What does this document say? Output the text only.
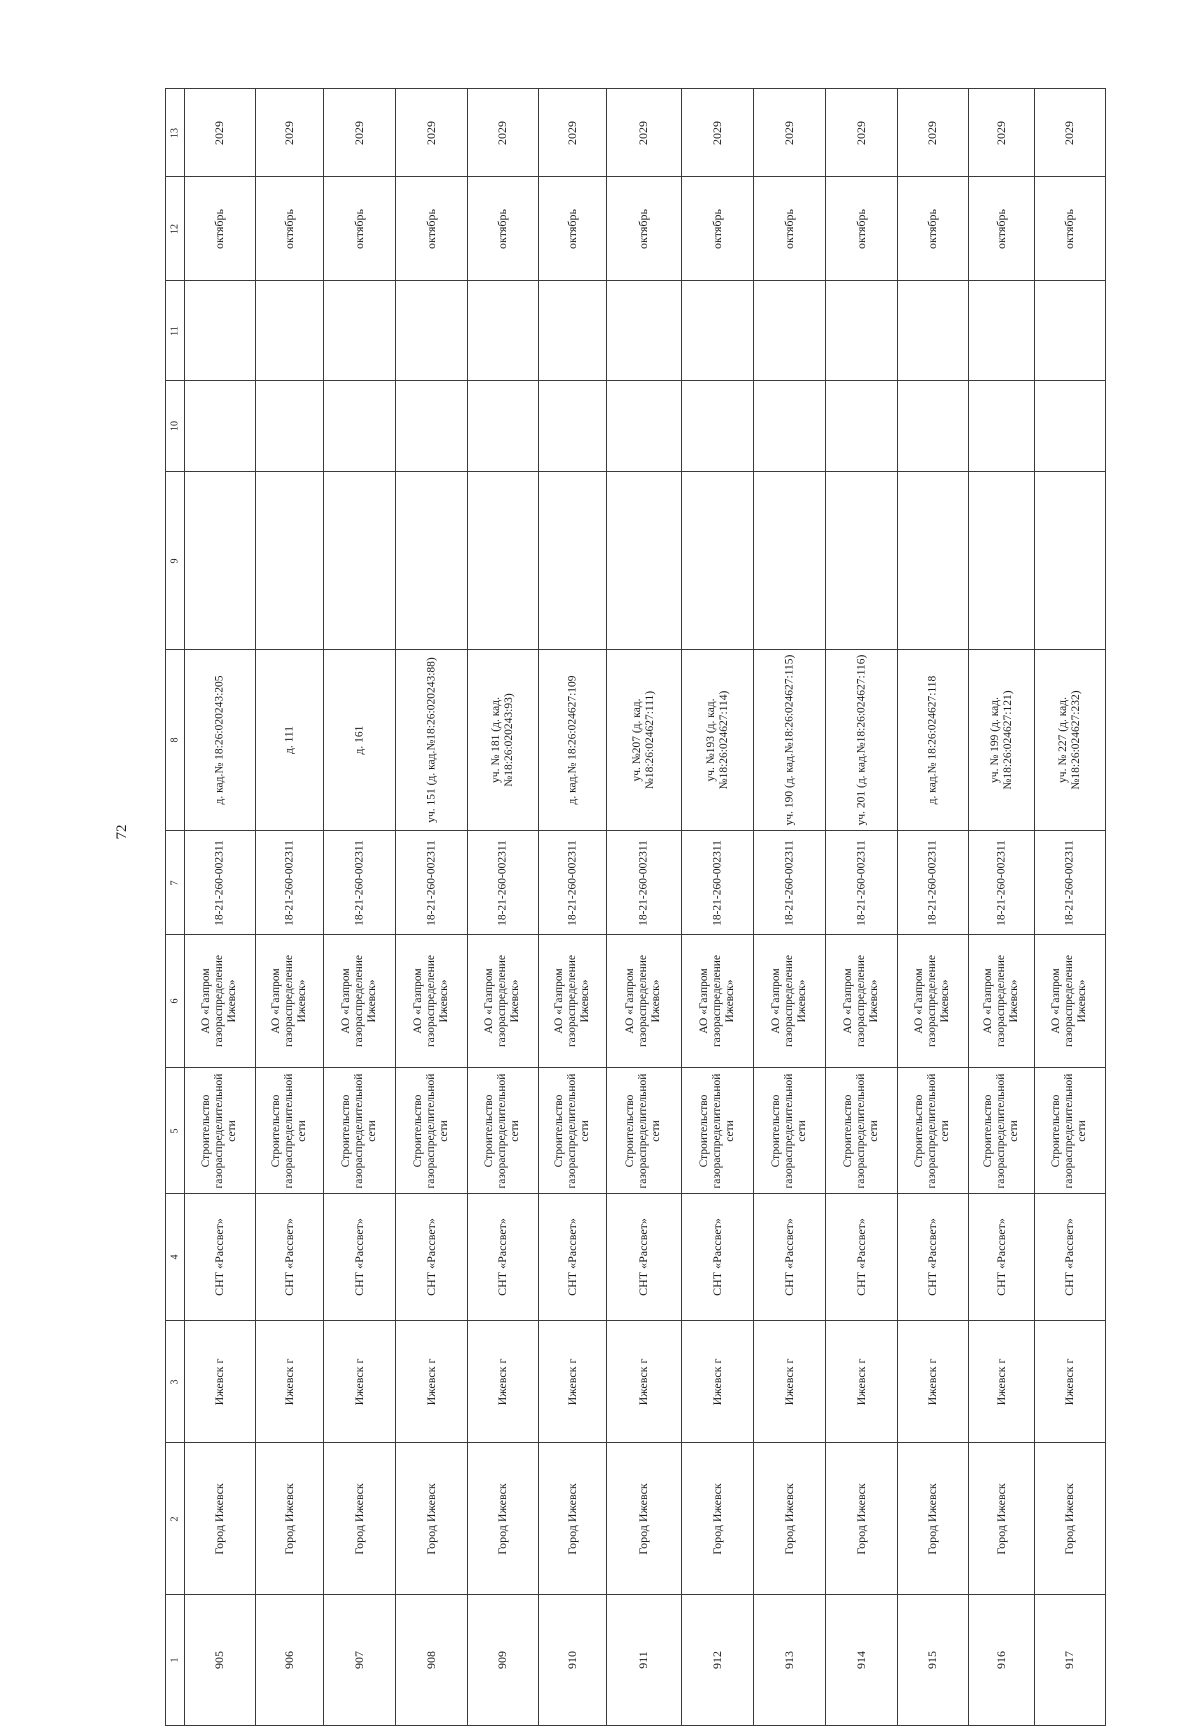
72
13	2029	2029	2029	2029	2029	2029	2029	2029	2029	2029	2029	2029	2029

12	октябрь	октябрь	октябрь	октябрь	октябрь	октябрь	октябрь	октябрь	октябрь	октябрь	октябрь	октябрь	октябрь

11													

10													

9													

8	д. кад.№ 18:26:020243:205	д. 111	д. 161	уч. 151 (д. кад.№18:26:020243:88)	уч. № 181 (д. кад.№18:26:020243:93)	д. кад.№ 18:26:024627:109	уч. №207 (д. кад.№18:26:024627:111)	уч. №193 (д. кад.№18:26:024627:114)	уч. 190 (д. кад.№18:26:024627:115)	уч. 201 (д. кад.№18:26:024627:116)	д. кад.№ 18:26:024627:118	уч. № 199 (д. кад.№18:26:024627:121)	уч. № 227 (д. кад.№18:26:024627:232)

7	18-21-260-002311	18-21-260-002311	18-21-260-002311	18-21-260-002311	18-21-260-002311	18-21-260-002311	18-21-260-002311	18-21-260-002311	18-21-260-002311	18-21-260-002311	18-21-260-002311	18-21-260-002311	18-21-260-002311

6	АО «Газпром газораспределение Ижевск»	АО «Газпром газораспределение Ижевск»	АО «Газпром газораспределение Ижевск»	АО «Газпром газораспределение Ижевск»	АО «Газпром газораспределение Ижевск»	АО «Газпром газораспределение Ижевск»	АО «Газпром газораспределение Ижевск»	АО «Газпром газораспределение Ижевск»	АО «Газпром газораспределение Ижевск»	АО «Газпром газораспределение Ижевск»	АО «Газпром газораспределение Ижевск»	АО «Газпром газораспределение Ижевск»	АО «Газпром газораспределение Ижевск»

5	Строительство газораспределительной сети	Строительство газораспределительной сети	Строительство газораспределительной сети	Строительство газораспределительной сети	Строительство газораспределительной сети	Строительство газораспределительной сети	Строительство газораспределительной сети	Строительство газораспределительной сети	Строительство газораспределительной сети	Строительство газораспределительной сети	Строительство газораспределительной сети	Строительство газораспределительной сети	Строительство газораспределительной сети

4	СНТ «Рассвет»	СНТ «Рассвет»	СНТ «Рассвет»	СНТ «Рассвет»	СНТ «Рассвет»	СНТ «Рассвет»	СНТ «Рассвет»	СНТ «Рассвет»	СНТ «Рассвет»	СНТ «Рассвет»	СНТ «Рассвет»	СНТ «Рассвет»	СНТ «Рассвет»

3	Ижевск г	Ижевск г	Ижевск г	Ижевск г	Ижевск г	Ижевск г	Ижевск г	Ижевск г	Ижевск г	Ижевск г	Ижевск г	Ижевск г	Ижевск г

2	Город Ижевск	Город Ижевск	Город Ижевск	Город Ижевск	Город Ижевск	Город Ижевск	Город Ижевск	Город Ижевск	Город Ижевск	Город Ижевск	Город Ижевск	Город Ижевск	Город Ижевск

1	905	906	907	908	909	910	911	912	913	914	915	916	917
